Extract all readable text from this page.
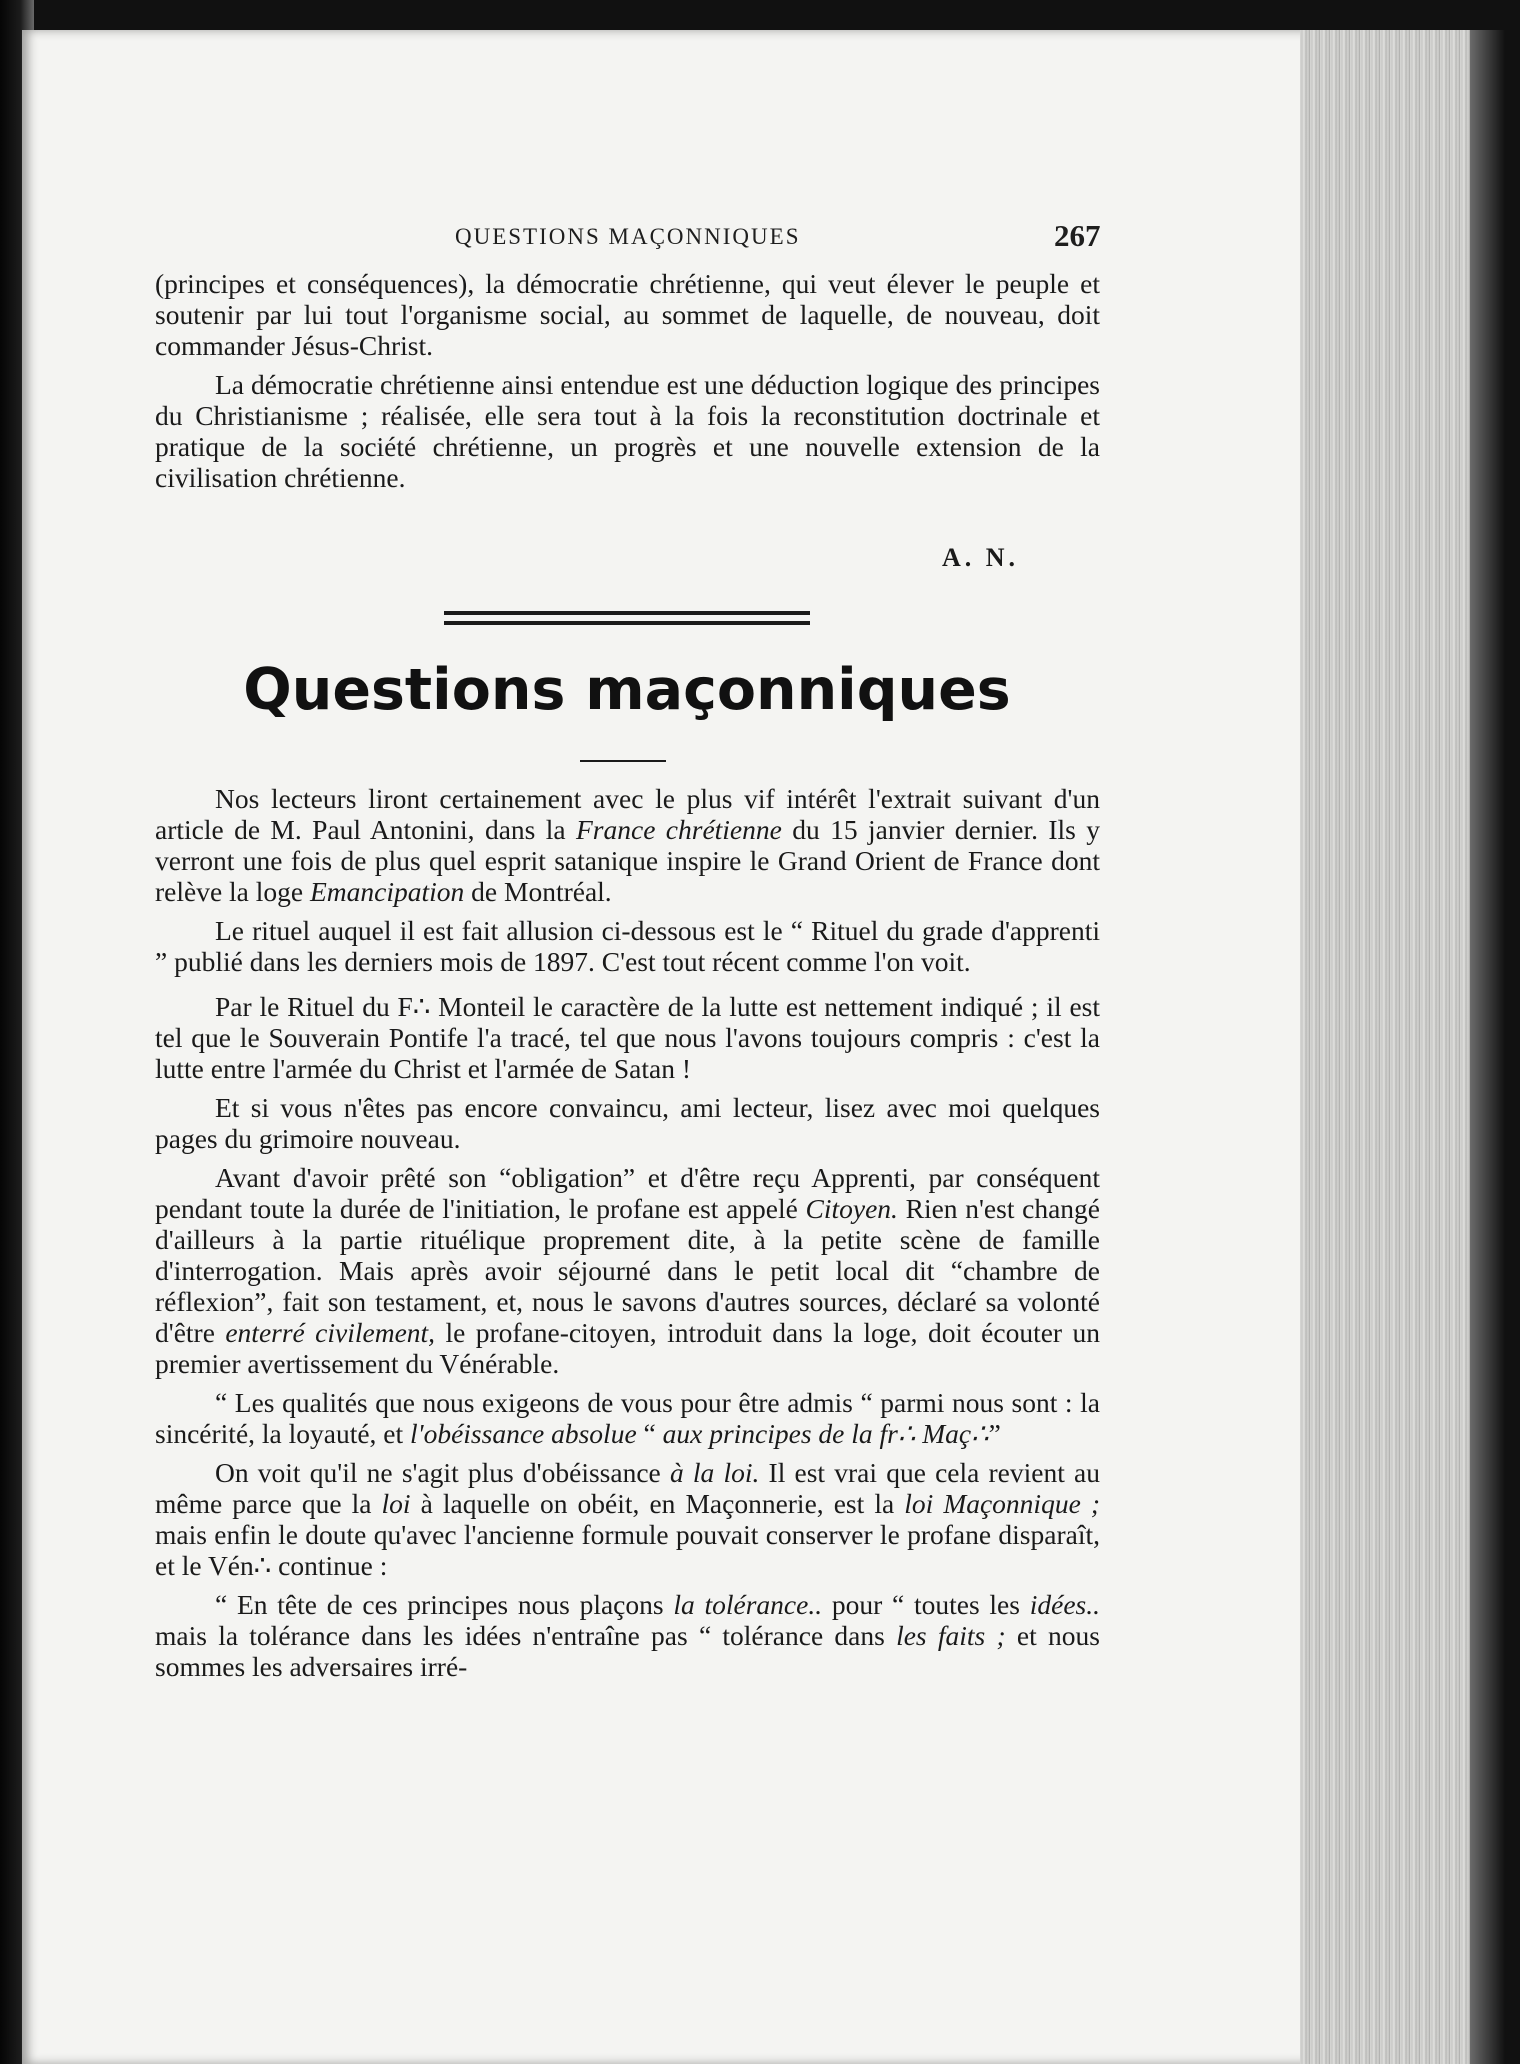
QUESTIONS MAÇONNIQUES	267

(principes et conséquences), la démocratie chrétienne, qui veut élever le peuple et soutenir par lui tout l'organisme social, au sommet de laquelle, de nouveau, doit commander Jésus-Christ.

La démocratie chrétienne ainsi entendue est une déduction logique des principes du Christianisme ; réalisée, elle sera tout à la fois la reconstitution doctrinale et pratique de la société chrétienne, un progrès et une nouvelle extension de la civilisation chrétienne.

A. N.
Questions maçonniques

Nos lecteurs liront certainement avec le plus vif intérêt l'extrait suivant d'un article de M. Paul Antonini, dans la France chrétienne du 15 janvier dernier. Ils y verront une fois de plus quel esprit satanique inspire le Grand Orient de France dont relève la loge Emancipation de Montréal.

Le rituel auquel il est fait allusion ci-dessous est le “ Rituel du grade d'apprenti ” publié dans les derniers mois de 1897. C'est tout récent comme l'on voit.

Par le Rituel du F∴ Monteil le caractère de la lutte est nettement indiqué ; il est tel que le Souverain Pontife l'a tracé, tel que nous l'avons toujours compris : c'est la lutte entre l'armée du Christ et l'armée de Satan !

Et si vous n'êtes pas encore convaincu, ami lecteur, lisez avec moi quelques pages du grimoire nouveau.

Avant d'avoir prêté son “obligation” et d'être reçu Apprenti, par conséquent pendant toute la durée de l'initiation, le profane est appelé Citoyen. Rien n'est changé d'ailleurs à la partie rituélique proprement dite, à la petite scène de famille d'interrogation. Mais après avoir séjourné dans le petit local dit “chambre de réflexion”, fait son testament, et, nous le savons d'autres sources, déclaré sa volonté d'être enterré civilement, le profane-citoyen, introduit dans la loge, doit écouter un premier avertissement du Vénérable.

“ Les qualités que nous exigeons de vous pour être admis “ parmi nous sont : la sincérité, la loyauté, et l'obéissance absolue “ aux principes de la fr∴ Maç∴”

On voit qu'il ne s'agit plus d'obéissance à la loi. Il est vrai que cela revient au même parce que la loi à laquelle on obéit, en Maçonnerie, est la loi Maçonnique ; mais enfin le doute qu'avec l'ancienne formule pouvait conserver le profane disparaît, et le Vén∴ continue :

“ En tête de ces principes nous plaçons la tolérance.. pour “ toutes les idées.. mais la tolérance dans les idées n'entraîne pas “ tolérance dans les faits ; et nous sommes les adversaires irré-
